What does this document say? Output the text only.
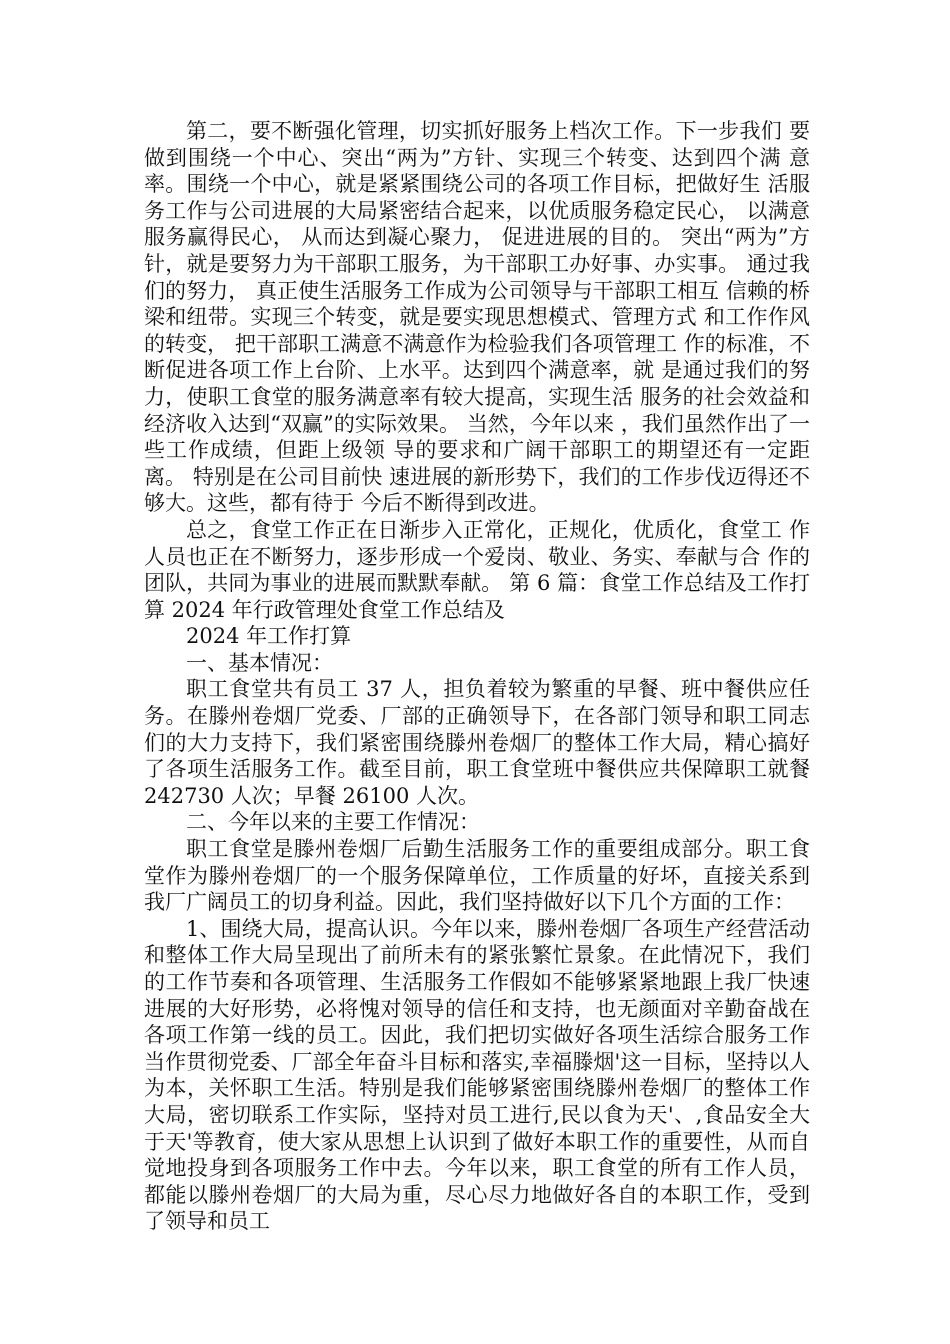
第二，要不断强化管理，切实抓好服务上档次工作。下一步我们 要做到围绕一个中心、突出“两为”方针、实现三个转变、达到四个满 意率。围绕一个中心，就是紧紧围绕公司的各项工作目标，把做好生 活服务工作与公司进展的大局紧密结合起来，以优质服务稳定民心， 以满意服务赢得民心， 从而达到凝心聚力， 促进进展的目的。 突出“两为”方针，就是要努力为干部职工服务，为干部职工办好事、办实事。 通过我们的努力， 真正使生活服务工作成为公司领导与干部职工相互 信赖的桥梁和纽带。实现三个转变，就是要实现思想模式、管理方式 和工作作风的转变， 把干部职工满意不满意作为检验我们各项管理工 作的标准，不断促进各项工作上台阶、上水平。达到四个满意率，就 是通过我们的努力，使职工食堂的服务满意率有较大提高，实现生活 服务的社会效益和经济收入达到“双赢”的实际效果。 当然，今年以来 ，我们虽然作出了一些工作成绩，但距上级领 导的要求和广阔干部职工的期望还有一定距离。 特别是在公司目前快 速进展的新形势下，我们的工作步伐迈得还不够大。这些，都有待于 今后不断得到改进。

总之，食堂工作正在日渐步入正常化，正规化，优质化，食堂工 作人员也正在不断努力，逐步形成一个爱岗、敬业、务实、奉献与合 作的团队，共同为事业的进展而默默奉献。 第 6 篇：食堂工作总结及工作打算 2024 年行政管理处食堂工作总结及

2024 年工作打算

一、基本情况：

职工食堂共有员工 37 人，担负着较为繁重的早餐、班中餐供应任务。在滕州卷烟厂党委、厂部的正确领导下，在各部门领导和职工同志们的大力支持下，我们紧密围绕滕州卷烟厂的整体工作大局，精心搞好了各项生活服务工作。截至目前，职工食堂班中餐供应共保障职工就餐 242730 人次；早餐 26100 人次。

二、今年以来的主要工作情况：

职工食堂是滕州卷烟厂后勤生活服务工作的重要组成部分。职工食堂作为滕州卷烟厂的一个服务保障单位，工作质量的好坏，直接关系到我厂广阔员工的切身利益。因此，我们坚持做好以下几个方面的工作：

1、围绕大局，提高认识。今年以来，滕州卷烟厂各项生产经营活动和整体工作大局呈现出了前所未有的紧张繁忙景象。在此情况下，我们的工作节奏和各项管理、生活服务工作假如不能够紧紧地跟上我厂快速进展的大好形势，必将愧对领导的信任和支持，也无颜面对辛勤奋战在各项工作第一线的员工。因此，我们把切实做好各项生活综合服务工作当作贯彻党委、厂部全年奋斗目标和落实,幸福滕烟'这一目标，坚持以人为本，关怀职工生活。特别是我们能够紧密围绕滕州卷烟厂的整体工作大局，密切联系工作实际，坚持对员工进行,民以食为天'、,食品安全大于天'等教育，使大家从思想上认识到了做好本职工作的重要性，从而自觉地投身到各项服务工作中去。今年以来，职工食堂的所有工作人员，都能以滕州卷烟厂的大局为重，尽心尽力地做好各自的本职工作，受到了领导和员工
